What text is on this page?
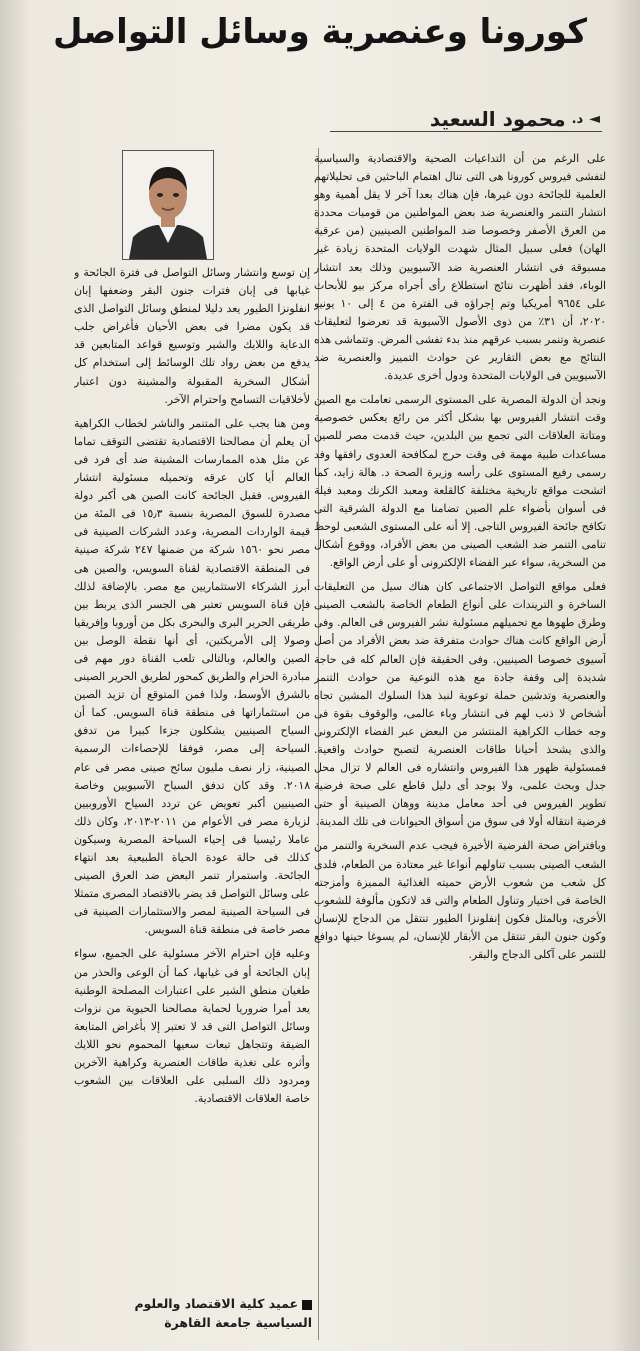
كورونا وعنصرية وسائل التواصل
◄
د.
محمود السعيد

على الرغم من أن التداعيات الصحية والاقتصادية والسياسية لتفشى فيروس كورونا هى التى تنال اهتمام الباحثين فى تحليلاتهم العلمية للجائحة دون غيرها، فإن هناك بعدا آخر لا يقل أهمية وهو انتشار التنمر والعنصرية ضد بعض المواطنين من قوميات محددة من العرق الأصفر وخصوصا ضد المواطنين الصينيين (من عرقية الهان) فعلى سبيل المثال شهدت الولايات المتحدة زيادة غير مسبوقة فى انتشار العنصرية ضد الآسيويين وذلك بعد انتشار الوباء، فقد أظهرت نتائج استطلاع رأى أجراه مركز بيو للأبحاث على ٩٦٥٤ أمريكيا وتم إجراؤه فى الفترة من ٤ إلى ١٠ يونيو ٢٠٢٠، أن ٣١٪ من ذوى الأصول الآسيوية قد تعرضوا لتعليقات عنصرية وتنمر بسبب عرقهم منذ بدء تفشى المرض. وتتماشى هذه النتائج مع بعض التقارير عن حوادث التمييز والعنصرية ضد الآسيويين فى الولايات المتحدة ودول أخرى عديدة.

ونجد أن الدولة المصرية على المستوى الرسمى تعاملت مع الصين وقت انتشار الفيروس بها بشكل أكثر من رائع يعكس خصوصية ومتانة العلاقات التى تجمع بين البلدين، حيث قدمت مصر للصين مساعدات طبية مهمة فى وقت حرج لمكافحة العدوى رافقها وفد رسمى رفيع المستوى على رأسه وزيرة الصحة د. هالة زايد، كما اتشحت مواقع تاريخية مختلفة كالقلعة ومعبد الكرنك ومعبد فيلة فى أسوان بأضواء علم الصين تضامنا مع الدولة الشرقية التى تكافح جائحة الفيروس التاجى. إلا أنه على المستوى الشعبى لوحظ تنامى التنمر ضد الشعب الصينى من بعض الأفراد، ووقوع أشكال من السخرية، سواء عبر الفضاء الإلكترونى أو على أرض الواقع.

فعلى مواقع التواصل الاجتماعى كان هناك سيل من التعليقات الساخرة و التريندات على أنواع الطعام الخاصة بالشعب الصينى وطرق طهوها مع تحميلهم مسئولية نشر الفيروس فى العالم. وفى أرض الواقع كانت هناك حوادث متفرقة ضد بعض الأفراد من أصل آسيوى خصوصا الصينيين. وفى الحقيقة فإن العالم كله فى حاجة شديدة إلى وقفة جادة مع هذه النوعية من حوادث التنمر والعنصرية وتدشين حملة توعوية لنبذ هذا السلوك المشين تجاه أشخاص لا ذنب لهم فى انتشار وباء عالمى، والوقوف بقوة فى وجه خطاب الكراهية المنتشر من البعض عبر الفضاء الإلكترونى والذى يشحذ أحيانا طاقات العنصرية لتصبح حوادث واقعية. فمسئولية ظهور هذا الفيروس وانتشاره فى العالم لا تزال محل جدل وبحث علمى، ولا يوجد أى دليل قاطع على صحة فرضية تطوير الفيروس فى أحد معامل مدينة ووهان الصينية أو حتى فرضية انتقاله أولا فى سوق من أسواق الحيوانات فى تلك المدينة.

وبافتراض صحة الفرضية الأخيرة فيجب عدم السخرية والتنمر من الشعب الصينى بسبب تناولهم أنواعا غير معتادة من الطعام، فلدى كل شعب من شعوب الأرض حميته الغذائية المميزة وأمزجته الخاصة فى اختيار وتناول الطعام والتى قد لاتكون مألوفة للشعوب الأخرى، وبالمثل فكون إنفلونزا الطيور تنتقل من الدجاج للإنسان وكون جنون البقر تنتقل من الأبقار للإنسان، لم يسوغا حينها دوافع للتنمر على آكلى الدجاج والبقر.

إن توسع وانتشار وسائل التواصل فى فترة الجائحة و غيابها فى إبان فترات جنون البقر وضعفها إبان انفلونزا الطيور يعد دليلا لمنطق وسائل التواصل الذى قد يكون مضرا فى بعض الأحيان فأغراض جلب الدعاية واللايك والشير وتوسيع قواعد المتابعين قد يدفع من بعض رواد تلك الوسائط إلى استخدام كل أشكال السخرية المقبولة والمشينة دون اعتبار لأخلاقيات التسامح واحترام الآخر.

ومن هنا يجب على المتنمر والناشر لخطاب الكراهية أن يعلم أن مصالحنا الاقتصادية تقتضى التوقف تماما عن مثل هذه الممارسات المشينة ضد أى فرد فى العالم أيا كان عرقه وتحميله مسئولية انتشار الفيروس. فقبل الجائحة كانت الصين هى أكبر دولة مصدرة للسوق المصرية بنسبة ١٥٫٣ فى المئة من قيمة الواردات المصرية، وعدد الشركات الصينية فى مصر نحو ١٥٦٠ شركة من ضمنها ٢٤٧ شركة صينية فى المنطقة الاقتصادية لقناة السويس، والصين هى أبرز الشركاء الاستثماريين مع مصر. بالإضافة لذلك فإن قناة السويس تعتبر هى الجسر الذى يربط بين طريقى الحرير البرى والبحرى بكل من أوروبا وإفريقيا وصولا إلى الأمريكتين، أى أنها نقطة الوصل بين الصين والعالم، وبالتالى تلعب القناة دور مهم فى مبادرة الحزام والطريق كمحور لطريق الحرير الصينى بالشرق الأوسط، ولذا فمن المتوقع أن تزيد الصين من استثماراتها فى منطقة قناة السويس. كما أن السياح الصينيين يشكلون جزءا كبيرا من تدفق السياحة إلى مصر، فوفقا للإحصاءات الرسمية الصينية، زار نصف مليون سائح صينى مصر فى عام ٢٠١٨. وقد كان تدفق السياح الآسيويين وخاصة الصينيين أكبر تعويض عن تردد السياح الأوروبيين لزيارة مصر فى الأعوام من ٢٠١١-٢٠١٣، وكان ذلك عاملا رئيسيا فى إحياء السياحة المصرية وسيكون كذلك فى حالة عودة الحياة الطبيعية بعد انتهاء الجائحة. واستمرار تنمر البعض ضد العرق الصينى على وسائل التواصل قد يضر بالاقتصاد المصرى متمثلا فى السياحة الصينية لمصر والاستثمارات الصينية فى مصر خاصة فى منطقة قناة السويس.

وعليه فإن احترام الآخر مسئولية على الجميع، سواء إبان الجائحة أو فى غيابها، كما أن الوعى والحذر من طغيان منطق الشير على اعتبارات المصلحة الوطنية يعد أمرا ضروريا لحماية مصالحنا الحيوية من نزوات وسائل التواصل التى قد لا تعتبر إلا بأغراض المتابعة الضيقة وتتجاهل تبعات سعيها المحموم نحو اللايك وأثره على تغذية طاقات العنصرية وكراهية الآخرين ومردود ذلك السلبى على العلاقات بين الشعوب خاصة العلاقات الاقتصادية.

عميد كلية الاقتصاد والعلوم
السياسية جامعة القاهرة
